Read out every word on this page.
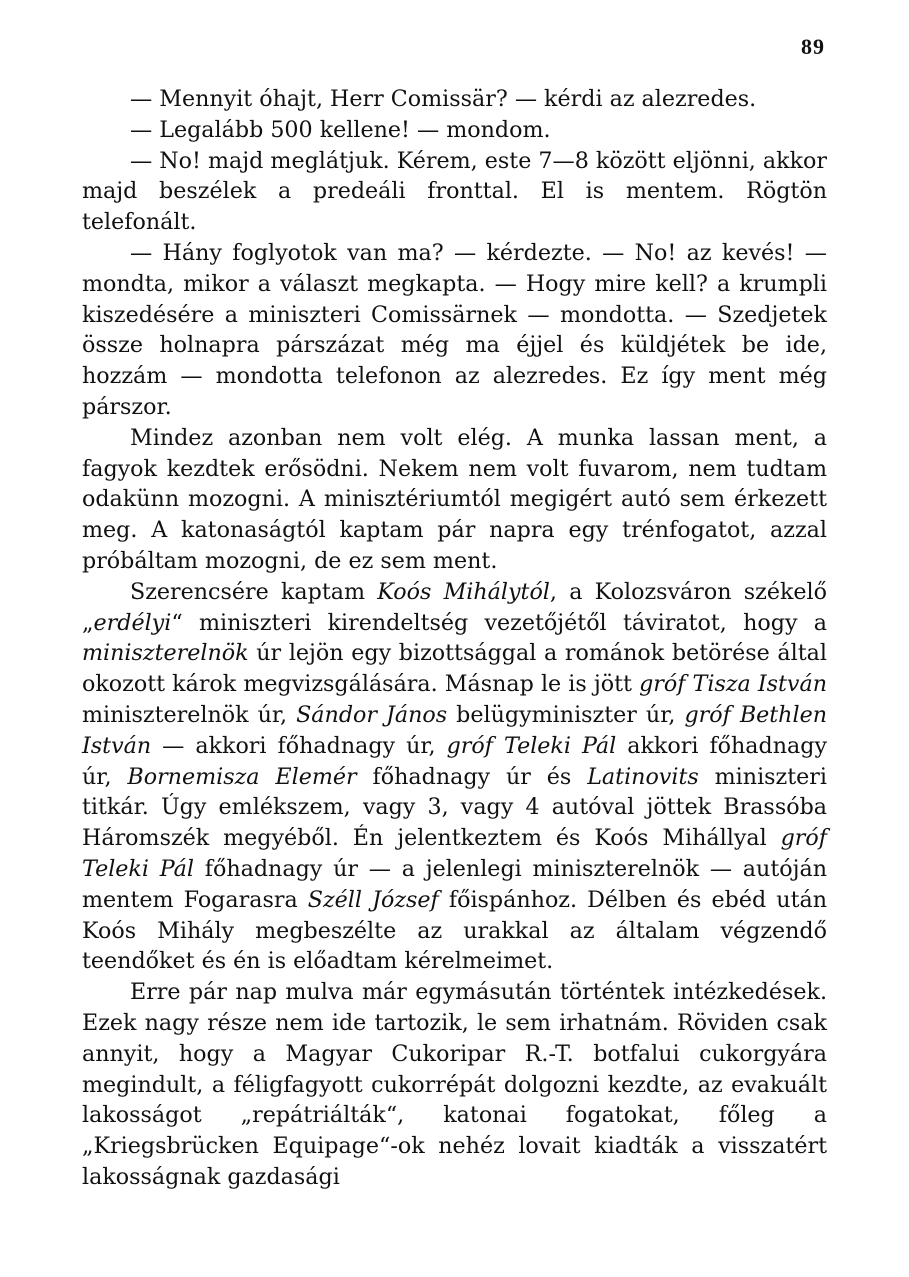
89

— Mennyit óhajt, Herr Comissär? — kérdi az alezredes.

— Legalább 500 kellene! — mondom.

— No! majd meglátjuk. Kérem, este 7—8 között eljönni, akkor majd beszélek a predeáli fronttal. El is mentem. Rögtön telefonált.

— Hány foglyotok van ma? — kérdezte. — No! az kevés! — mondta, mikor a választ megkapta. — Hogy mire kell? a krumpli kiszedésére a miniszteri Comissärnek — mondotta. — Szedjetek össze holnapra párszázat még ma éjjel és küldjétek be ide, hozzám — mondotta telefonon az alezredes. Ez így ment még párszor.

Mindez azonban nem volt elég. A munka lassan ment, a fagyok kezdtek erősödni. Nekem nem volt fuvarom, nem tudtam odakünn mozogni. A minisztériumtól megigért autó sem érkezett meg. A katonaságtól kaptam pár napra egy trénfogatot, azzal próbáltam mozogni, de ez sem ment.

Szerencsére kaptam Koós Mihálytól, a Kolozsváron székelő „erdélyi“ miniszteri kirendeltség vezetőjétől táviratot, hogy a miniszterelnök úr lejön egy bizottsággal a románok betörése által okozott károk megvizsgálására. Másnap le is jött gróf Tisza István miniszterelnök úr, Sándor János belügyminiszter úr, gróf Bethlen István — akkori főhadnagy úr, gróf Teleki Pál akkori főhadnagy úr, Bornemisza Elemér főhadnagy úr és Latinovits miniszteri titkár. Úgy emlékszem, vagy 3, vagy 4 autóval jöttek Brassóba Háromszék megyéből. Én jelentkeztem és Koós Mihállyal gróf Teleki Pál főhadnagy úr — a jelenlegi miniszterelnök — autóján mentem Fogarasra Széll József főispánhoz. Délben és ebéd után Koós Mihály megbeszélte az urakkal az általam végzendő teendőket és én is előadtam kérelmeimet.

Erre pár nap mulva már egymásután történtek intézkedések. Ezek nagy része nem ide tartozik, le sem irhatnám. Röviden csak annyit, hogy a Magyar Cukoripar R.-T. botfalui cukorgyára megindult, a féligfagyott cukorrépát dolgozni kezdte, az evakuált lakosságot „repátriálták“, katonai fogatokat, főleg a „Kriegsbrücken Equipage“-ok nehéz lovait kiadták a visszatért lakosságnak gazdasági
